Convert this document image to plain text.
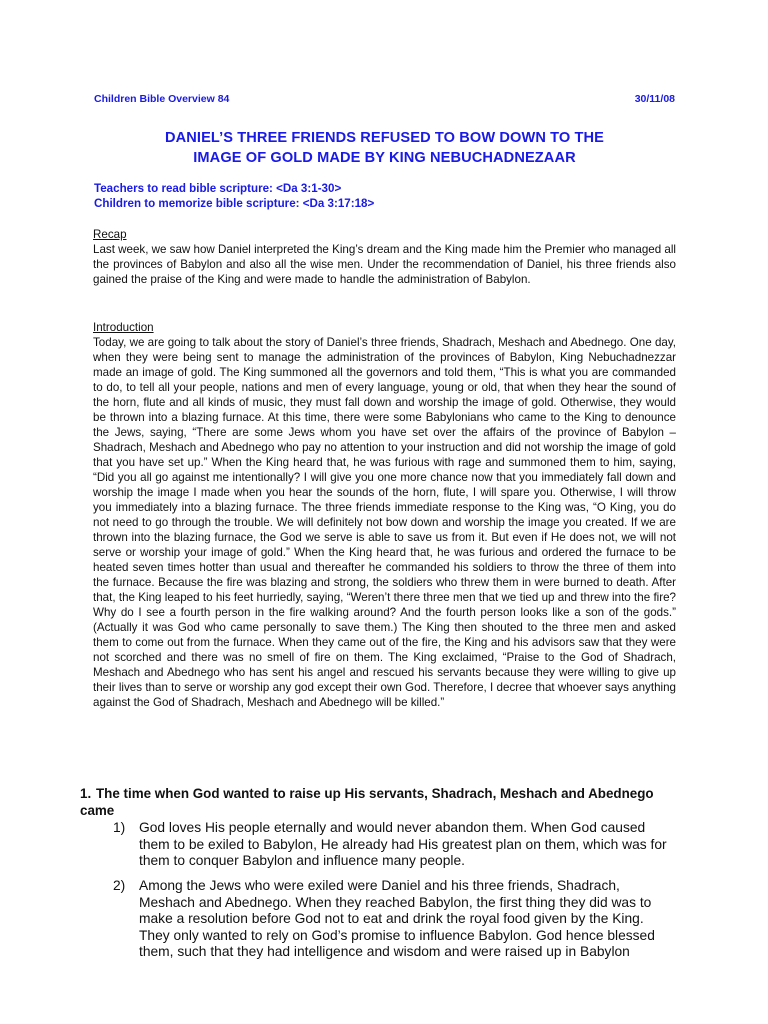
Children Bible Overview 84	30/11/08
DANIEL’S THREE FRIENDS REFUSED TO BOW DOWN TO THE
IMAGE OF GOLD MADE BY KING NEBUCHADNEZAAR
Teachers to read bible scripture: <Da 3:1-30>
Children to memorize bible scripture: <Da 3:17:18>
Recap
Last week, we saw how Daniel interpreted the King’s dream and the King made him the Premier who managed all the provinces of Babylon and also all the wise men. Under the recommendation of Daniel, his three friends also gained the praise of the King and were made to handle the administration of Babylon.
Introduction
Today, we are going to talk about the story of Daniel’s three friends, Shadrach, Meshach and Abednego. One day, when they were being sent to manage the administration of the provinces of Babylon, King Nebuchadnezzar made an image of gold. The King summoned all the governors and told them, “This is what you are commanded to do, to tell all your people, nations and men of every language, young or old, that when they hear the sound of the horn, flute and all kinds of music, they must fall down and worship the image of gold. Otherwise, they would be thrown into a blazing furnace. At this time, there were some Babylonians who came to the King to denounce the Jews, saying, “There are some Jews whom you have set over the affairs of the province of Babylon – Shadrach, Meshach and Abednego who pay no attention to your instruction and did not worship the image of gold that you have set up.” When the King heard that, he was furious with rage and summoned them to him, saying, “Did you all go against me intentionally? I will give you one more chance now that you immediately fall down and worship the image I made when you hear the sounds of the horn, flute, I will spare you. Otherwise, I will throw you immediately into a blazing furnace. The three friends immediate response to the King was, “O King, you do not need to go through the trouble. We will definitely not bow down and worship the image you created. If we are thrown into the blazing furnace, the God we serve is able to save us from it. But even if He does not, we will not serve or worship your image of gold.” When the King heard that, he was furious and ordered the furnace to be heated seven times hotter than usual and thereafter he commanded his soldiers to throw the three of them into the furnace. Because the fire was blazing and strong, the soldiers who threw them in were burned to death. After that, the King leaped to his feet hurriedly, saying, “Weren’t there three men that we tied up and threw into the fire? Why do I see a fourth person in the fire walking around? And the fourth person looks like a son of the gods.” (Actually it was God who came personally to save them.) The King then shouted to the three men and asked them to come out from the furnace. When they came out of the fire, the King and his advisors saw that they were not scorched and there was no smell of fire on them. The King exclaimed, “Praise to the God of Shadrach, Meshach and Abednego who has sent his angel and rescued his servants because they were willing to give up their lives than to serve or worship any god except their own God. Therefore, I decree that whoever says anything against the God of Shadrach, Meshach and Abednego will be killed.”
1. The time when God wanted to raise up His servants, Shadrach, Meshach and Abednego came
1) God loves His people eternally and would never abandon them. When God caused them to be exiled to Babylon, He already had His greatest plan on them, which was for them to conquer Babylon and influence many people.
2) Among the Jews who were exiled were Daniel and his three friends, Shadrach, Meshach and Abednego. When they reached Babylon, the first thing they did was to make a resolution before God not to eat and drink the royal food given by the King. They only wanted to rely on God’s promise to influence Babylon. God hence blessed them, such that they had intelligence and wisdom and were raised up in Babylon
